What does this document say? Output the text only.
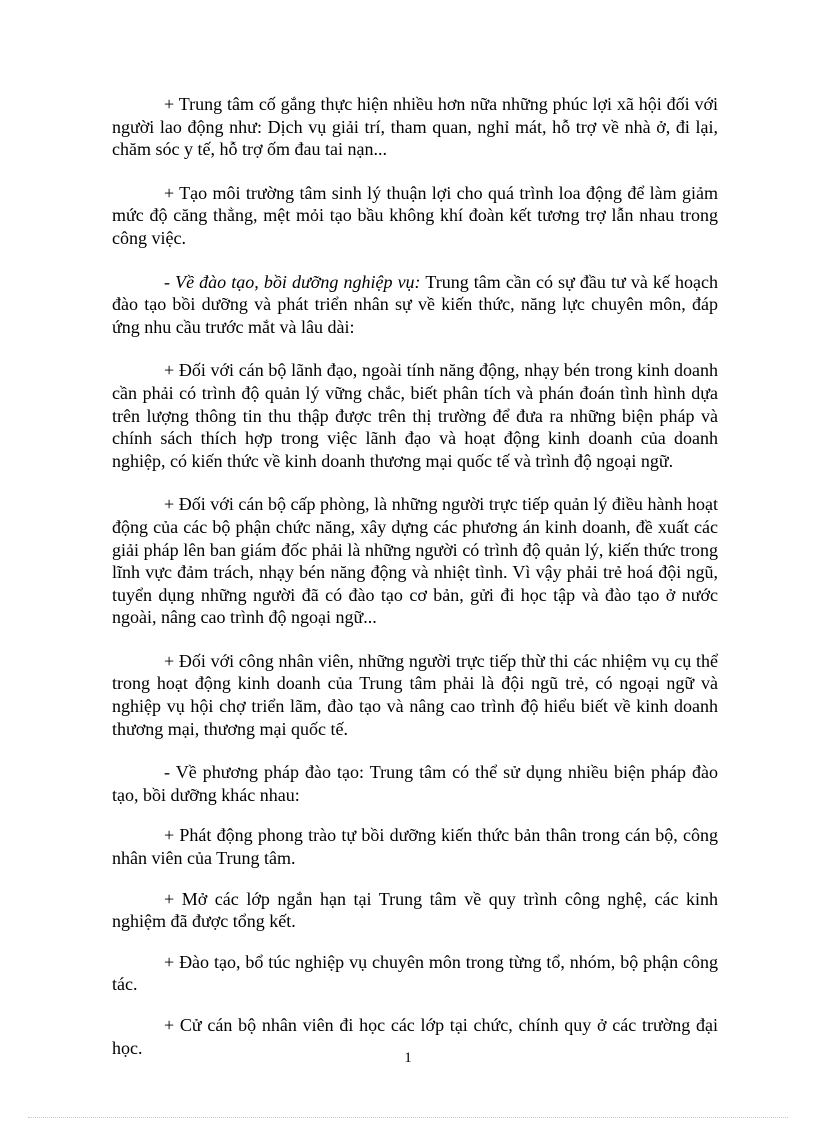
+ Trung tâm cố gắng thực hiện nhiều hơn nữa những phúc lợi xã hội đối với người lao động như: Dịch vụ giải trí, tham quan, nghỉ mát, hỗ trợ về nhà ở, đi lại, chăm sóc y tế, hỗ trợ ốm đau tai nạn...

+ Tạo môi trường tâm sinh lý thuận lợi cho quá trình loa động để làm giảm mức độ căng thẳng, mệt mỏi tạo bầu không khí đoàn kết tương trợ lẫn nhau trong công việc.

- Về đào tạo, bồi dưỡng nghiệp vụ: Trung tâm cần có sự đầu tư và kế hoạch đào tạo bồi dưỡng và phát triển nhân sự về kiến thức, năng lực chuyên môn, đáp ứng nhu cầu trước mắt và lâu dài:

+ Đối với cán bộ lãnh đạo, ngoài tính năng động, nhạy bén trong kinh doanh cần phải có trình độ quản lý vững chắc, biết phân tích và phán đoán tình hình dựa trên lượng thông tin thu thập được trên thị trường để đưa ra những biện pháp và chính sách thích hợp trong việc lãnh đạo và hoạt động kinh doanh của doanh nghiệp, có kiến thức về kinh doanh thương mại quốc tế và trình độ ngoại ngữ.

+ Đối với cán bộ cấp phòng, là những người trực tiếp quản lý điều hành hoạt động của các bộ phận chức năng, xây dựng các phương án kinh doanh, đề xuất các giải pháp lên ban giám đốc phải là những người có trình độ quản lý, kiến thức trong lĩnh vực đảm trách, nhạy bén năng động và nhiệt tình. Vì vậy phải trẻ hoá đội ngũ, tuyển dụng những người đã có đào tạo cơ bản, gửi đi học tập và đào tạo ở nước ngoài, nâng cao trình độ ngoại ngữ...

+ Đối với công nhân viên, những người trực tiếp thừ thi các nhiệm vụ cụ thể trong hoạt động kinh doanh của Trung tâm phải là đội ngũ trẻ, có ngoại ngữ và nghiệp vụ hội chợ triển lãm, đào tạo và nâng cao trình độ hiểu biết về kinh doanh thương mại, thương mại quốc tế.

- Về phương pháp đào tạo: Trung tâm có thể sử dụng nhiều biện pháp đào tạo, bồi dưỡng khác nhau:

+ Phát động phong trào tự bồi dưỡng kiến thức bản thân trong cán bộ, công nhân viên của Trung tâm.

+ Mở các lớp ngắn hạn tại Trung tâm về quy trình công nghệ, các kinh nghiệm đã được tổng kết.

+ Đào tạo, bổ túc nghiệp vụ chuyên môn trong từng tổ, nhóm, bộ phận công tác.

+ Cử cán bộ nhân viên đi học các lớp tại chức, chính quy ở các trường đại học.

1
